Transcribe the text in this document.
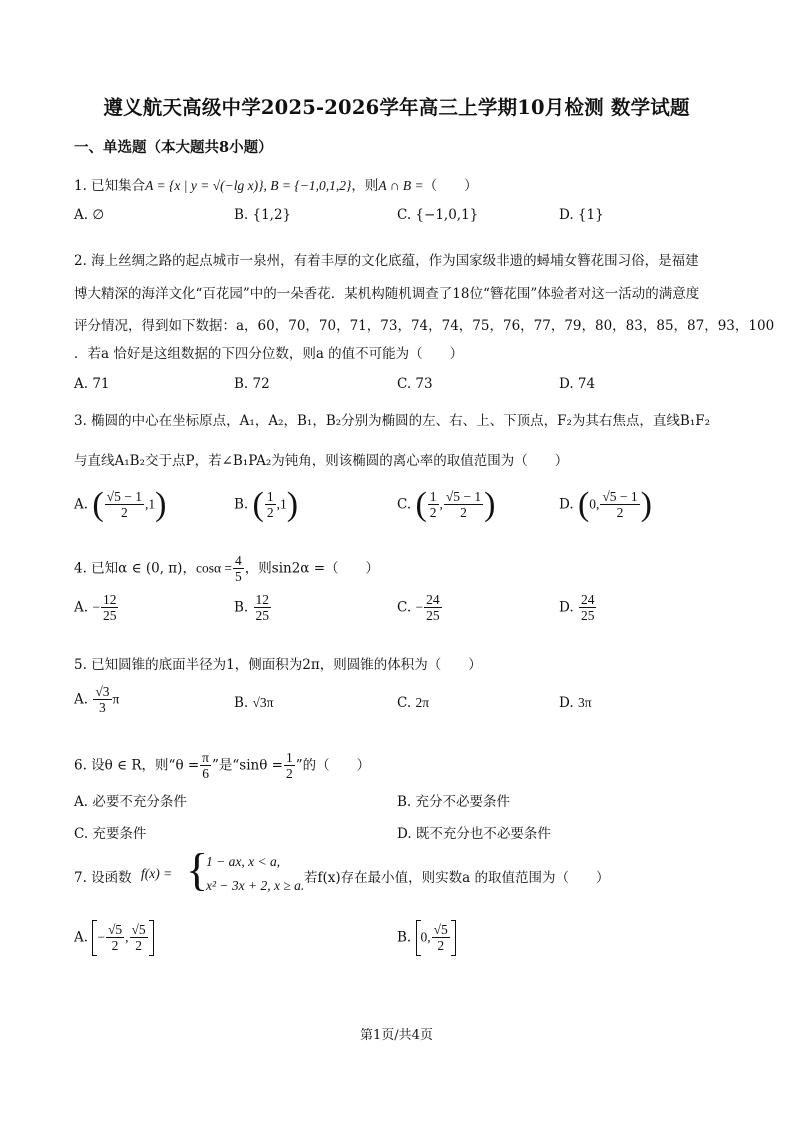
遵义航天高级中学2025-2026学年高三上学期10月检测 数学试题
一、单选题（本大题共8小题）
1. 已知集合A = {x | y = √(−lg x)}, B = {−1,0,1,2}，则A ∩ B =（　　）
A. ∅	B. {1,2}	C. {−1,0,1}	D. {1}
2. 海上丝绸之路的起点城市一泉州，有着丰厚的文化底蕴，作为国家级非遗的蟳埔女簪花围习俗，是福建
博大精深的海洋文化“百花园”中的一朵香花．某机构随机调查了18位“簪花围”体验者对这一活动的满意度
评分情况，得到如下数据：a，60，70，70，71，73，74，74，75，76，77，79，80，83，85，87，93，100
．若a 恰好是这组数据的下四分位数，则a 的值不可能为（　　）
A. 71	B. 72	C. 73	D. 74
3. 椭圆的中心在坐标原点，A₁，A₂，B₁，B₂分别为椭圆的左、右、上、下顶点，F₂为其右焦点，直线B₁F₂
与直线A₁B₂交于点P，若∠B₁PA₂为钝角，则该椭圆的离心率的取值范围为（　　）
A. ( $\frac{√5 - 1}{2} ,1$)	B. ( $\frac{1}{2} ,1$)	C. ( $\frac{1}{2}$ , $\frac{√5 - 1}{2}$ )	D. (0, $\frac{√5 - 1}{2}$ )
4. 已知α ∈ (0, π)，$\cos\alpha = \frac{4}{5}$ ，则sin2α =（　　）
A. − $\frac{12}{25}$	B. $\frac{12}{25}$	C. − $\frac{24}{25}$	D. $\frac{24}{25}$
5. 已知圆锥的底面半径为1，侧面积为2π，则圆锥的体积为（　　）
A. $\frac{√3}{3}$ π	B. √3π	C. 2π	D. 3π
6. 设θ ∈ R，则“$\theta = \frac{\pi}{6}$ ”是“$\sin\theta = \frac{1}{2}$ ”的（　　）
A. 必要不充分条件	B. 充分不必要条件
C. 充要条件	D. 既不充分也不必要条件
7. 设函数 f(x) = {
1 − ax, x < a,
x² − 3x + 2, x ≥ a. 若f(x)存在最小值，则实数a 的取值范围为（　　）
A. − $\frac{√5}{2}$ , $\frac{√5}{2}$	B. 0, $\frac{√5}{2}$
第1页/共4页
